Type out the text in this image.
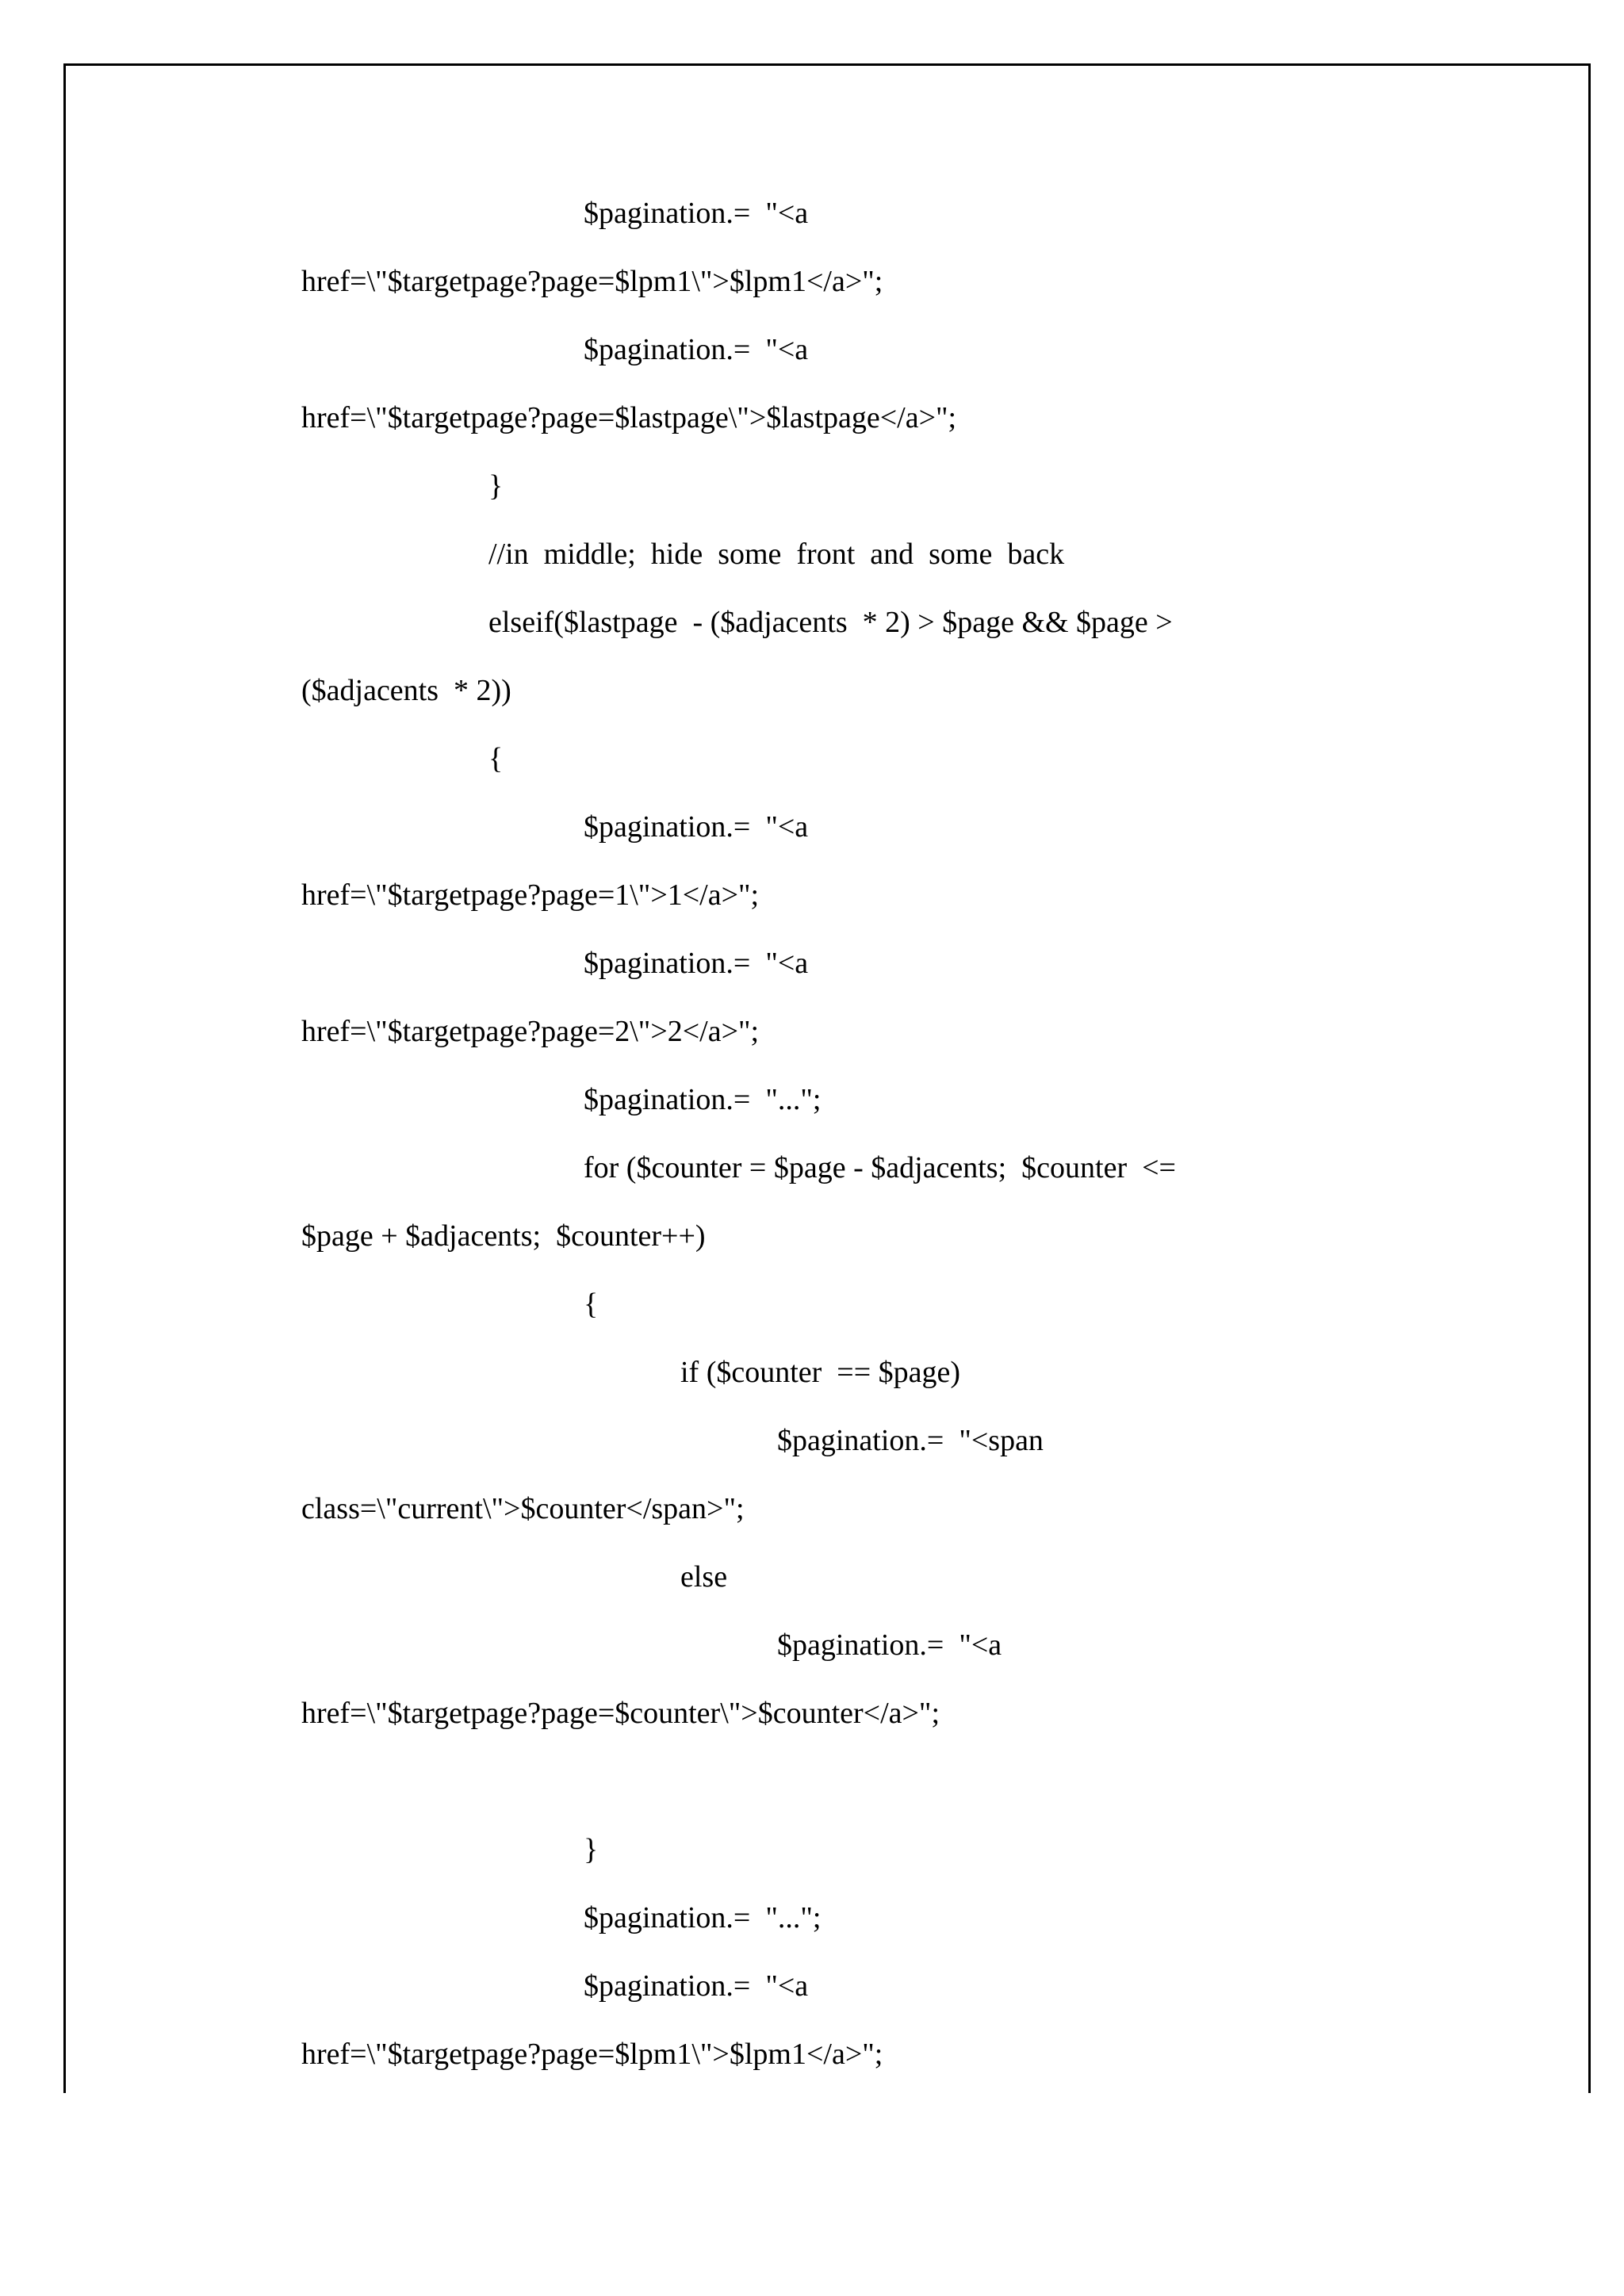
$pagination.=  "<a
href=\"$targetpage?page=$lpm1\">$lpm1</a>";
$pagination.=  "<a
href=\"$targetpage?page=$lastpage\">$lastpage</a>";
}
//in  middle;  hide  some  front  and  some  back
elseif($lastpage  - ($adjacents  * 2) > $page && $page >
($adjacents  * 2))
{
$pagination.=  "<a
href=\"$targetpage?page=1\">1</a>";
$pagination.=  "<a
href=\"$targetpage?page=2\">2</a>";
$pagination.=  "...";
for ($counter = $page - $adjacents;  $counter  <=
$page + $adjacents;  $counter++)
{
if ($counter  == $page)
$pagination.=  "<span
class=\"current\">$counter</span>";
else
$pagination.=  "<a
href=\"$targetpage?page=$counter\">$counter</a>";
}
$pagination.=  "...";
$pagination.=  "<a
href=\"$targetpage?page=$lpm1\">$lpm1</a>";
